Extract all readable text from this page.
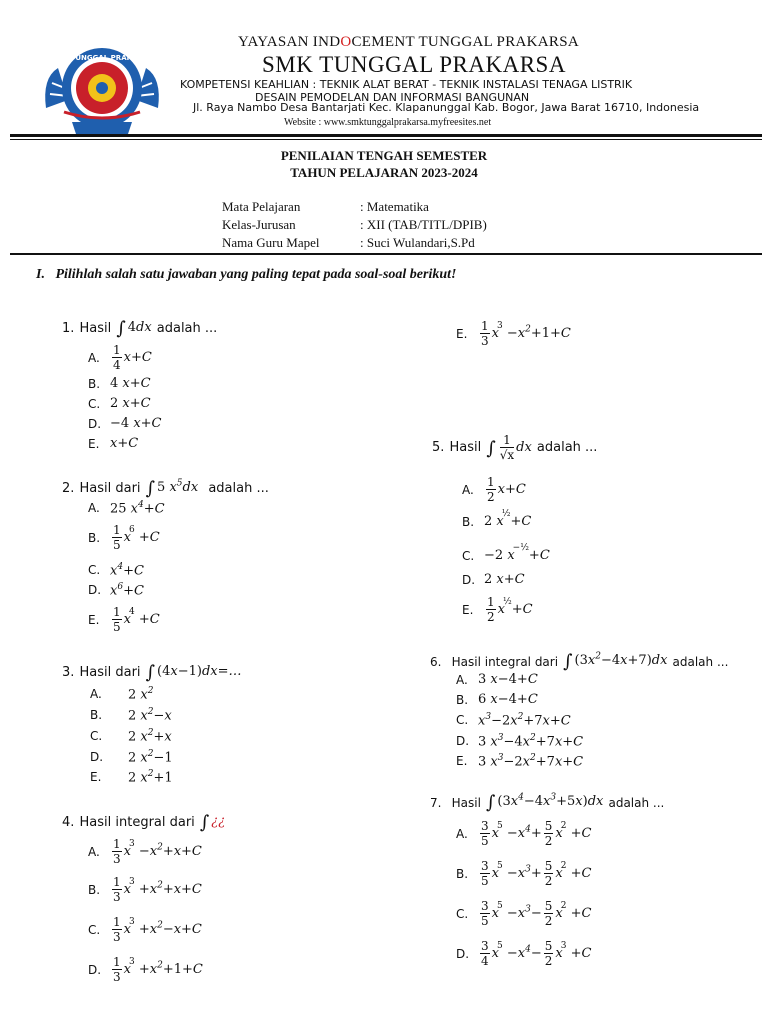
SMK TUNGGAL PRAKARSA
YAYASAN INDOCEMENT TUNGGAL PRAKARSA
SMK TUNGGAL PRAKARSA
KOMPETENSI KEAHLIAN : TEKNIK ALAT BERAT - TEKNIK INSTALASI TENAGA LISTRIK
DESAIN PEMODELAN DAN INFORMASI BANGUNAN
Jl. Raya Nambo Desa Bantarjati Kec. Klapanunggal Kab. Bogor, Jawa Barat 16710, Indonesia
Website : www.smktunggalprakarsa.myfreesites.net
PENILAIAN TENGAH SEMESTER
TAHUN PELAJARAN 2023-2024
Mata Pelajaran	: Matematika
Kelas-Jurusan	: XII (TAB/TITL/DPIB)
Nama Guru Mapel	: Suci Wulandari,S.Pd
I. Pilihlah salah satu jawaban yang paling tepat pada soal-soal berikut!
1.
Hasil
∫ 4dx
adalah ...
A.	$\frac{1}{4} x+C$
B. 4 x+C
C. 2 x+C
D. −4 x+C
E. x+C
2.
Hasil dari
∫ 5 $x^5dx$
adalah ...
A. 25 $x^4+C$
B. $\frac{1}{5} x^6 +C$
C. $x^4+C$
D. $x^6+C$
E.	$\frac{1}{5} x^4 +C$
3.
Hasil dari
∫ (4x−1)dx=…
A.	2 $x^2$
B.	2 $x^2-x$
C.	2 $x^2+x$
D.	2 $x^2-1$
E.	2 $x^2+1$
4.
Hasil integral dari
∫ ¿¿
A.	$\frac{1}{3} x^3 -x^2+x+C$
B. $\frac{1}{3} x^3 +x^2+x+C$
C. $\frac{1}{3} x^3 +x^2-x+C$
D. $\frac{1}{3} x^3 +x^2+1+C$
E.	$\frac{1}{3} x^3 -x^2+1+C$
5.
Hasil
∫ $\frac{1}{√x}$ dx
adalah ...
A.	$\frac{1}{2} x+C$
B. 2 $x^{\frac{1}{2}}+C$
C. −2 $x^{-\frac{1}{2}}+C$
D. 2 x+C
E.	$\frac{1}{2} x^{\frac{1}{2}}+C$
6.
Hasil integral dari
∫ $(3x^2-4x+7)dx$
adalah ...
A. 3 x−4+C
B. 6 x−4+C
C. $x^3-2x^2+7x+C$
D. 3 $x^3-4x^2+7x+C$
E. 3 $x^3-2x^2+7x+C$
7.
Hasil
∫ $(3x^4-4x^3+5x)dx$
adalah ...
A.	$\frac{3}{5} x^5 -x^4+ \frac{5}{2} x^2 +C$
B. $\frac{3}{5} x^5 -x^3+ \frac{5}{2} x^2 +C$
C. $\frac{3}{5} x^5 -x^3- \frac{5}{2} x^2 +C$
D. $\frac{3}{4} x^5 -x^4- \frac{5}{2} x^3 +C$
